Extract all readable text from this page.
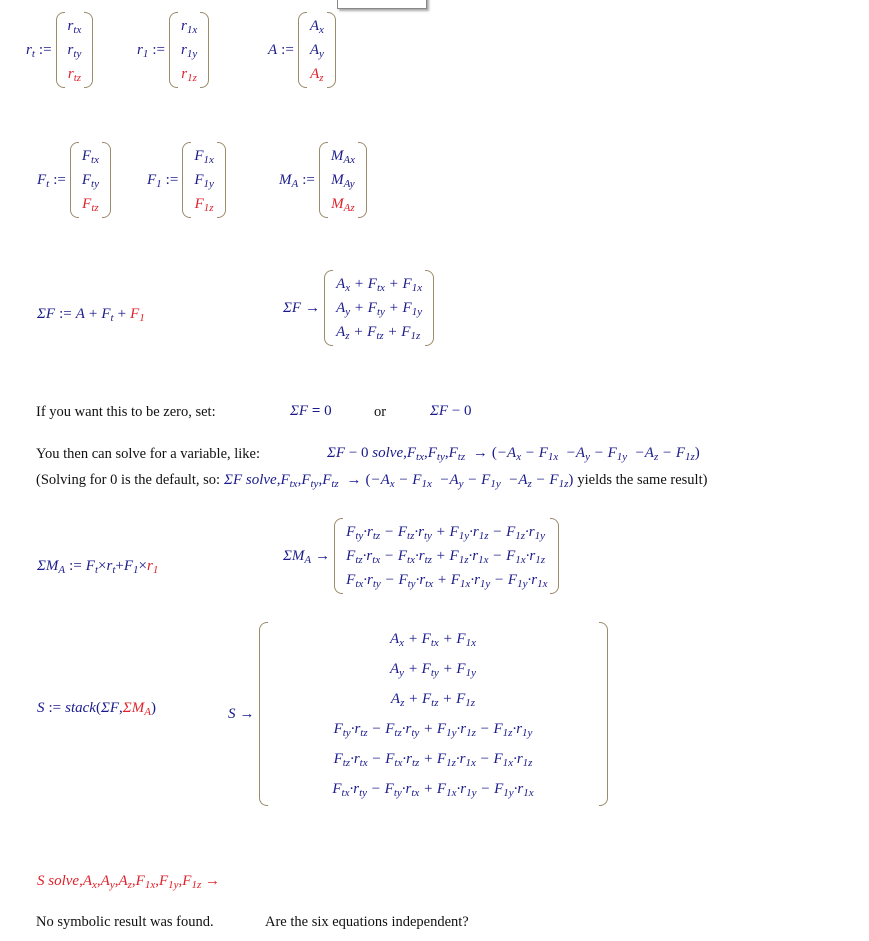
$r_t$ :=
$r_{tx}$
$r_{ty}$
$r_{tz}$
$r_1$ :=
$r_{1x}$
$r_{1y}$
$r_{1z}$
A :=
$A_x$
$A_y$
$A_z$
$F_t$ :=
$F_{tx}$
$F_{ty}$
$F_{tz}$
$F_1$ :=
$F_{1x}$
$F_{1y}$
$F_{1z}$
$M_A$ :=
$M_{Ax}$
$M_{Ay}$
$M_{Az}$
ΣF := $A + F_t + F_1$
ΣF →
$A_x + F_{tx} + F_{1x}$
$A_y + F_{ty} + F_{1y}$
$A_z + F_{tz} + F_{1z}$
If you want this to be zero, set:	ΣF = 0	or	ΣF − 0
You then can solve for a variable, like:	ΣF − 0 $solve,F_{tx},F_{ty},F_{tz} \to (-A_x - F_{1x} -A_y - F_{1y} -A_z - F_{1z})$
(Solving for 0 is the default, so:
ΣF $solve,F_{tx},F_{ty},F_{tz} \to (-A_x - F_{1x} -A_y - F_{1y} -A_z - F_{1z})$
yields the same result)
$\Sigma M_A$ := $F_t\times r_t+F_1\times r_1$
$\Sigma M_A$ →
$F_{ty}\cdot r_{tz} - F_{tz}\cdot r_{ty} + F_{1y}\cdot r_{1z} - F_{1z}\cdot r_{1y}$
$F_{tz}\cdot r_{tx} - F_{tx}\cdot r_{tz} + F_{1z}\cdot r_{1x} - F_{1x}\cdot r_{1z}$
$F_{tx}\cdot r_{ty} - F_{ty}\cdot r_{tx} + F_{1x}\cdot r_{1y} - F_{1y}\cdot r_{1x}$
S := $stack(\Sigma F,\Sigma M_A)$	S →
$A_x + F_{tx} + F_{1x}$
$A_y + F_{ty} + F_{1y}$
$A_z + F_{tz} + F_{1z}$
$F_{ty}\cdot r_{tz} - F_{tz}\cdot r_{ty} + F_{1y}\cdot r_{1z} - F_{1z}\cdot r_{1y}$
$F_{tz}\cdot r_{tx} - F_{tx}\cdot r_{tz} + F_{1z}\cdot r_{1x} - F_{1x}\cdot r_{1z}$
$F_{tx}\cdot r_{ty} - F_{ty}\cdot r_{tx} + F_{1x}\cdot r_{1y} - F_{1y}\cdot r_{1x}$
S $solve,A_x,A_y,A_z,F_{1x},F_{1y},F_{1z}$ →
No symbolic result was found.	Are the six equations independent?
